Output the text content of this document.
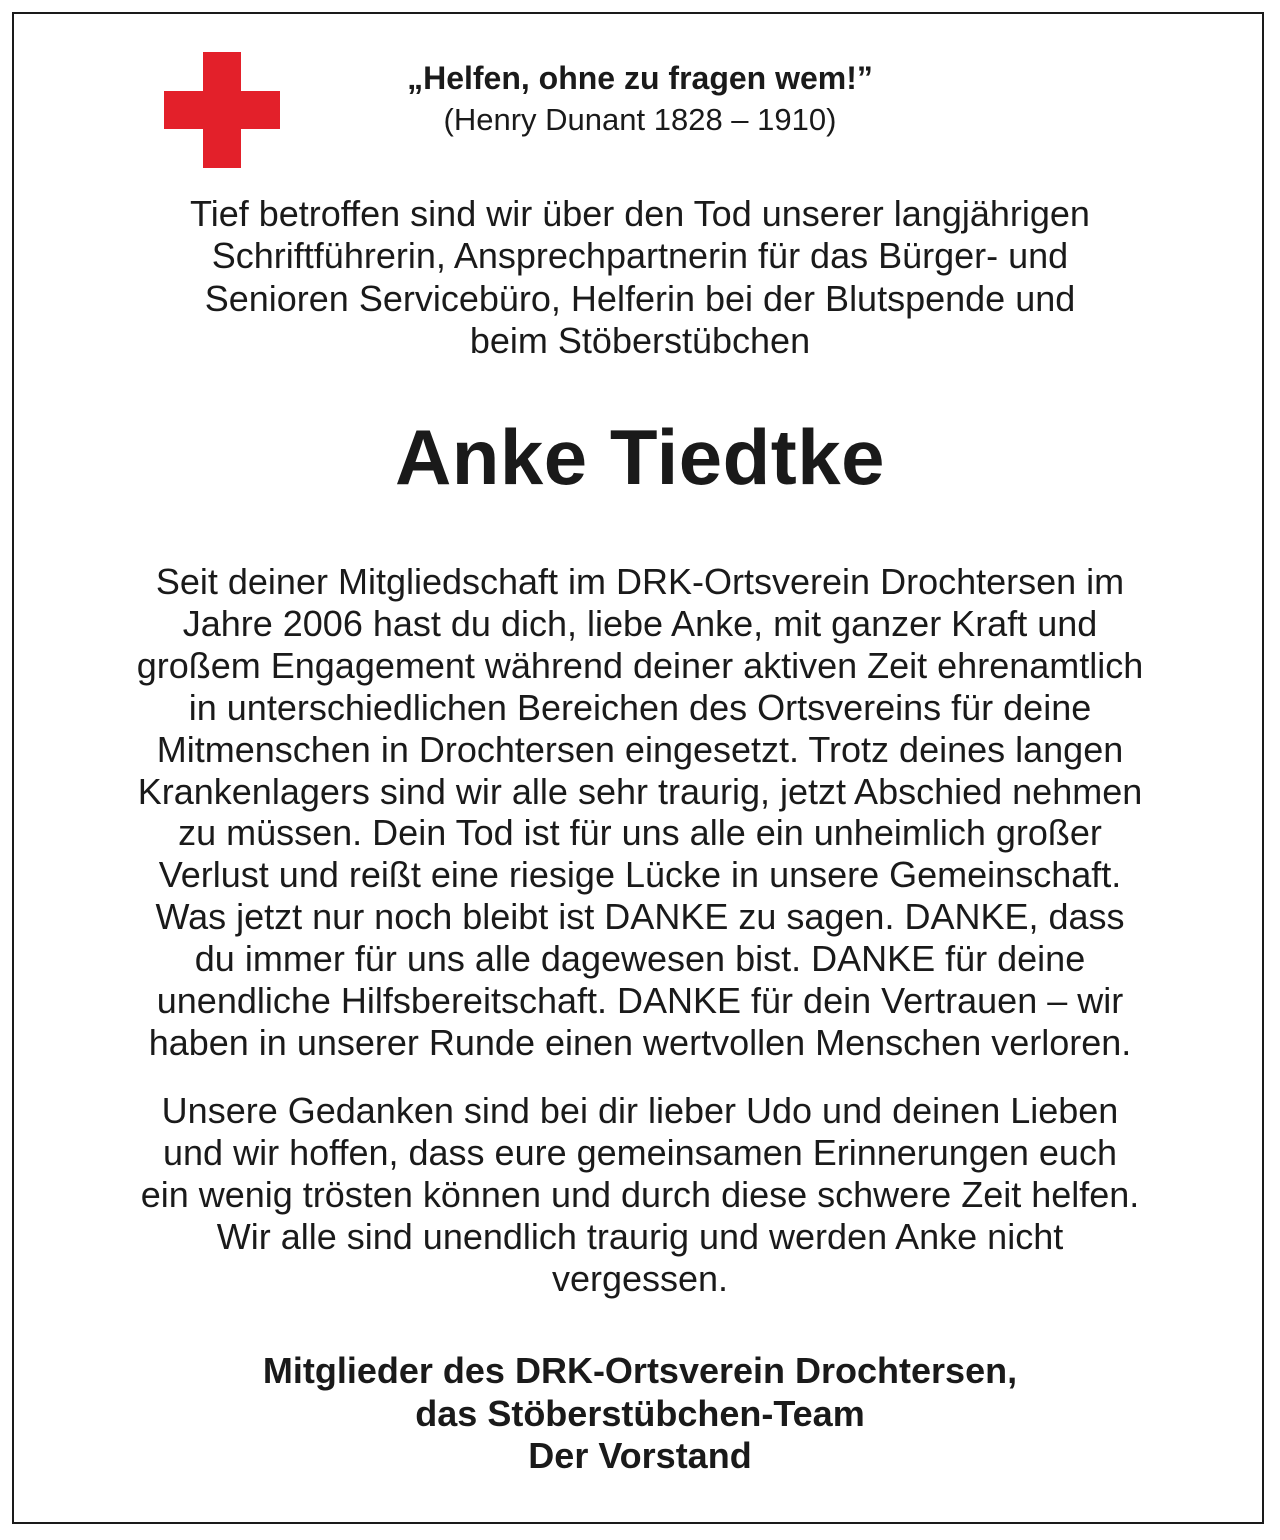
„Helfen, ohne zu fragen wem!”
(Henry Dunant 1828 – 1910)
Tief betroffen sind wir über den Tod unserer langjährigen
Schriftführerin, Ansprechpartnerin für das Bürger- und
Senioren Servicebüro, Helferin bei der Blutspende und
beim Stöberstübchen
Anke Tiedtke
Seit deiner Mitgliedschaft im DRK-Ortsverein Drochtersen im
Jahre 2006 hast du dich, liebe Anke, mit ganzer Kraft und
großem Engagement während deiner aktiven Zeit ehrenamtlich
in unterschiedlichen Bereichen des Ortsvereins für deine
Mitmenschen in Drochtersen eingesetzt. Trotz deines langen
Krankenlagers sind wir alle sehr traurig, jetzt Abschied nehmen
zu müssen. Dein Tod ist für uns alle ein unheimlich großer
Verlust und reißt eine riesige Lücke in unsere Gemeinschaft.
Was jetzt nur noch bleibt ist DANKE zu sagen. DANKE, dass
du immer für uns alle dagewesen bist. DANKE für deine
unendliche Hilfsbereitschaft. DANKE für dein Vertrauen – wir
haben in unserer Runde einen wertvollen Menschen verloren.
Unsere Gedanken sind bei dir lieber Udo und deinen Lieben
und wir hoffen, dass eure gemeinsamen Erinnerungen euch
ein wenig trösten können und durch diese schwere Zeit helfen.
Wir alle sind unendlich traurig und werden Anke nicht
vergessen.
Mitglieder des DRK-Ortsverein Drochtersen,
das Stöberstübchen-Team
Der Vorstand
